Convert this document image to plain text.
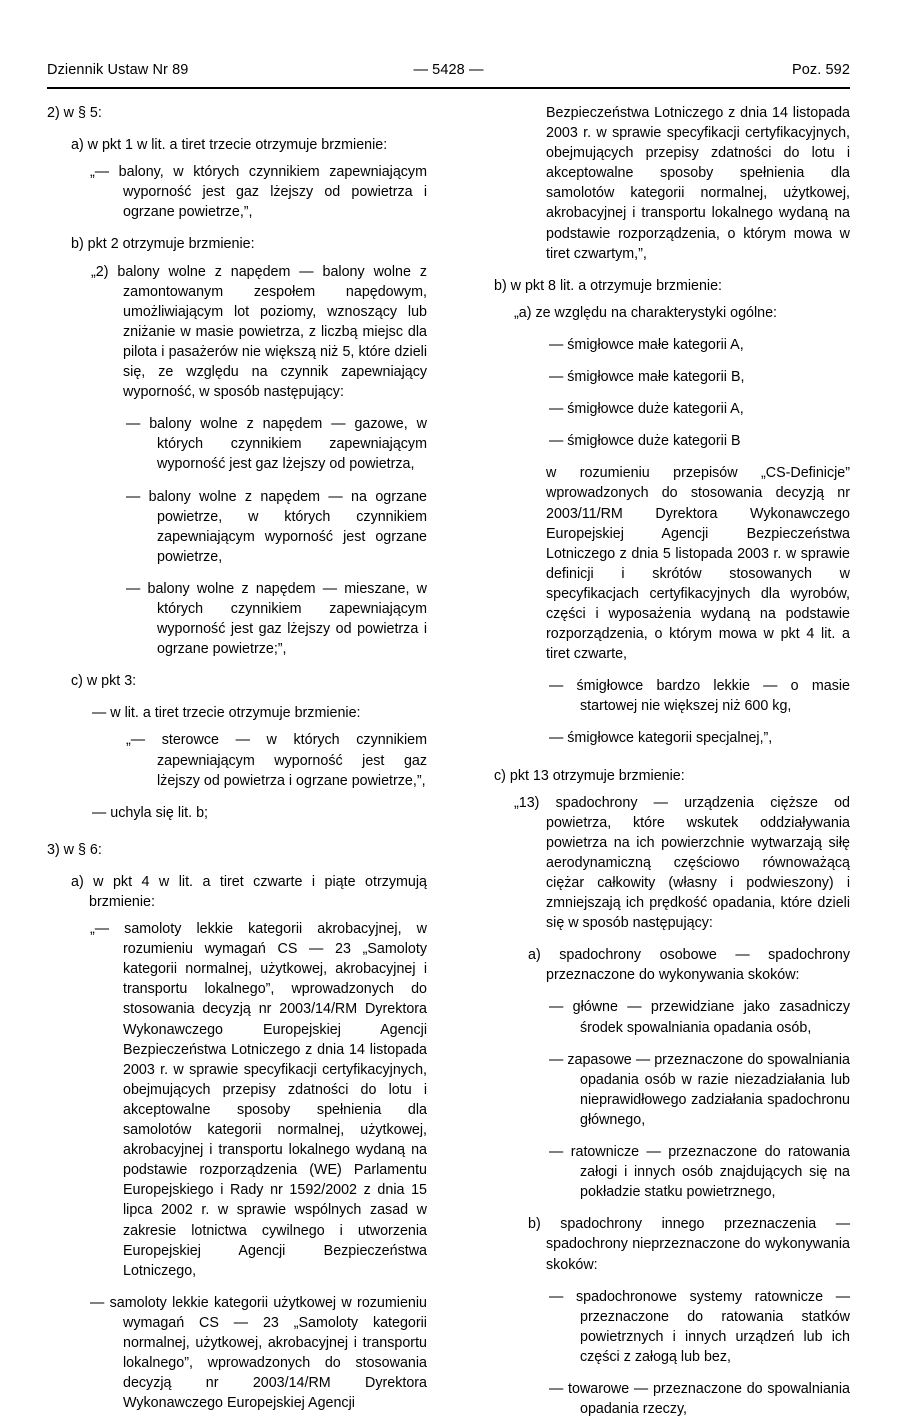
Dziennik Ustaw Nr 89	— 5428 —	Poz. 592

2) w § 5:

a) w pkt 1 w lit. a tiret trzecie otrzymuje brzmienie:

„— balony, w których czynnikiem zapewniającym wyporność jest gaz lżejszy od powietrza i ogrzane powietrze,”,

b) pkt 2 otrzymuje brzmienie:

„2) balony wolne z napędem — balony wolne z zamontowanym zespołem napędowym, umożliwiającym lot poziomy, wznoszący lub zniżanie w masie powietrza, z liczbą miejsc dla pilota i pasażerów nie większą niż 5, które dzieli się, ze względu na czynnik zapewniający wyporność, w sposób następujący:

— balony wolne z napędem — gazowe, w których czynnikiem zapewniającym wyporność jest gaz lżejszy od powietrza,

— balony wolne z napędem — na ogrzane powietrze, w których czynnikiem zapewniającym wyporność jest ogrzane powietrze,

— balony wolne z napędem — mieszane, w których czynnikiem zapewniającym wyporność jest gaz lżejszy od powietrza i ogrzane powietrze;”,

c) w pkt 3:

— w lit. a tiret trzecie otrzymuje brzmienie:

„— sterowce — w których czynnikiem zapewniającym wyporność jest gaz lżejszy od powietrza i ogrzane powietrze,”,

— uchyla się lit. b;

3) w § 6:

a) w pkt 4 w lit. a tiret czwarte i piąte otrzymują brzmienie:

„— samoloty lekkie kategorii akrobacyjnej, w rozumieniu wymagań CS — 23 „Samoloty kategorii normalnej, użytkowej, akrobacyjnej i transportu lokalnego”, wprowadzonych do stosowania decyzją nr 2003/14/RM Dyrektora Wykonawczego Europejskiej Agencji Bezpieczeństwa Lotniczego z dnia 14 listopada 2003 r. w sprawie specyfikacji certyfikacyjnych, obejmujących przepisy zdatności do lotu i akceptowalne sposoby spełnienia dla samolotów kategorii normalnej, użytkowej, akrobacyjnej i transportu lokalnego wydaną na podstawie rozporządzenia (WE) Parlamentu Europejskiego i Rady nr 1592/2002 z dnia 15 lipca 2002 r. w sprawie wspólnych zasad w zakresie lotnictwa cywilnego i utworzenia Europejskiej Agencji Bezpieczeństwa Lotniczego,

— samoloty lekkie kategorii użytkowej w rozumieniu wymagań CS — 23 „Samoloty kategorii normalnej, użytkowej, akrobacyjnej i transportu lokalnego”, wprowadzonych do stosowania decyzją nr 2003/14/RM Dyrektora Wykonawczego Europejskiej Agencji

Bezpieczeństwa Lotniczego z dnia 14 listopada 2003 r. w sprawie specyfikacji certyfikacyjnych, obejmujących przepisy zdatności do lotu i akceptowalne sposoby spełnienia dla samolotów kategorii normalnej, użytkowej, akrobacyjnej i transportu lokalnego wydaną na podstawie rozporządzenia, o którym mowa w tiret czwartym,”,

b) w pkt 8 lit. a otrzymuje brzmienie:

„a) ze względu na charakterystyki ogólne:

— śmigłowce małe kategorii A,

— śmigłowce małe kategorii B,

— śmigłowce duże kategorii A,

— śmigłowce duże kategorii B

w rozumieniu przepisów „CS-Definicje” wprowadzonych do stosowania decyzją nr 2003/11/RM Dyrektora Wykonawczego Europejskiej Agencji Bezpieczeństwa Lotniczego z dnia 5 listopada 2003 r. w sprawie definicji i skrótów stosowanych w specyfikacjach certyfikacyjnych dla wyrobów, części i wyposażenia wydaną na podstawie rozporządzenia, o którym mowa w pkt 4 lit. a tiret czwarte,

— śmigłowce bardzo lekkie — o masie startowej nie większej niż 600 kg,

— śmigłowce kategorii specjalnej,”,

c) pkt 13 otrzymuje brzmienie:

„13) spadochrony — urządzenia cięższe od powietrza, które wskutek oddziaływania powietrza na ich powierzchnie wytwarzają siłę aerodynamiczną częściowo równoważącą ciężar całkowity (własny i podwieszony) i zmniejszają ich prędkość opadania, które dzieli się w sposób następujący:

a) spadochrony osobowe — spadochrony przeznaczone do wykonywania skoków:

— główne — przewidziane jako zasadniczy środek spowalniania opadania osób,

— zapasowe — przeznaczone do spowalniania opadania osób w razie niezadziałania lub nieprawidłowego zadziałania spadochronu głównego,

— ratownicze — przeznaczone do ratowania załogi i innych osób znajdujących się na pokładzie statku powietrznego,

b) spadochrony innego przeznaczenia — spadochrony nieprzeznaczone do wykonywania skoków:

— spadochronowe systemy ratownicze — przeznaczone do ratowania statków powietrznych i innych urządzeń lub ich części z załogą lub bez,

— towarowe — przeznaczone do spowalniania opadania rzeczy,
